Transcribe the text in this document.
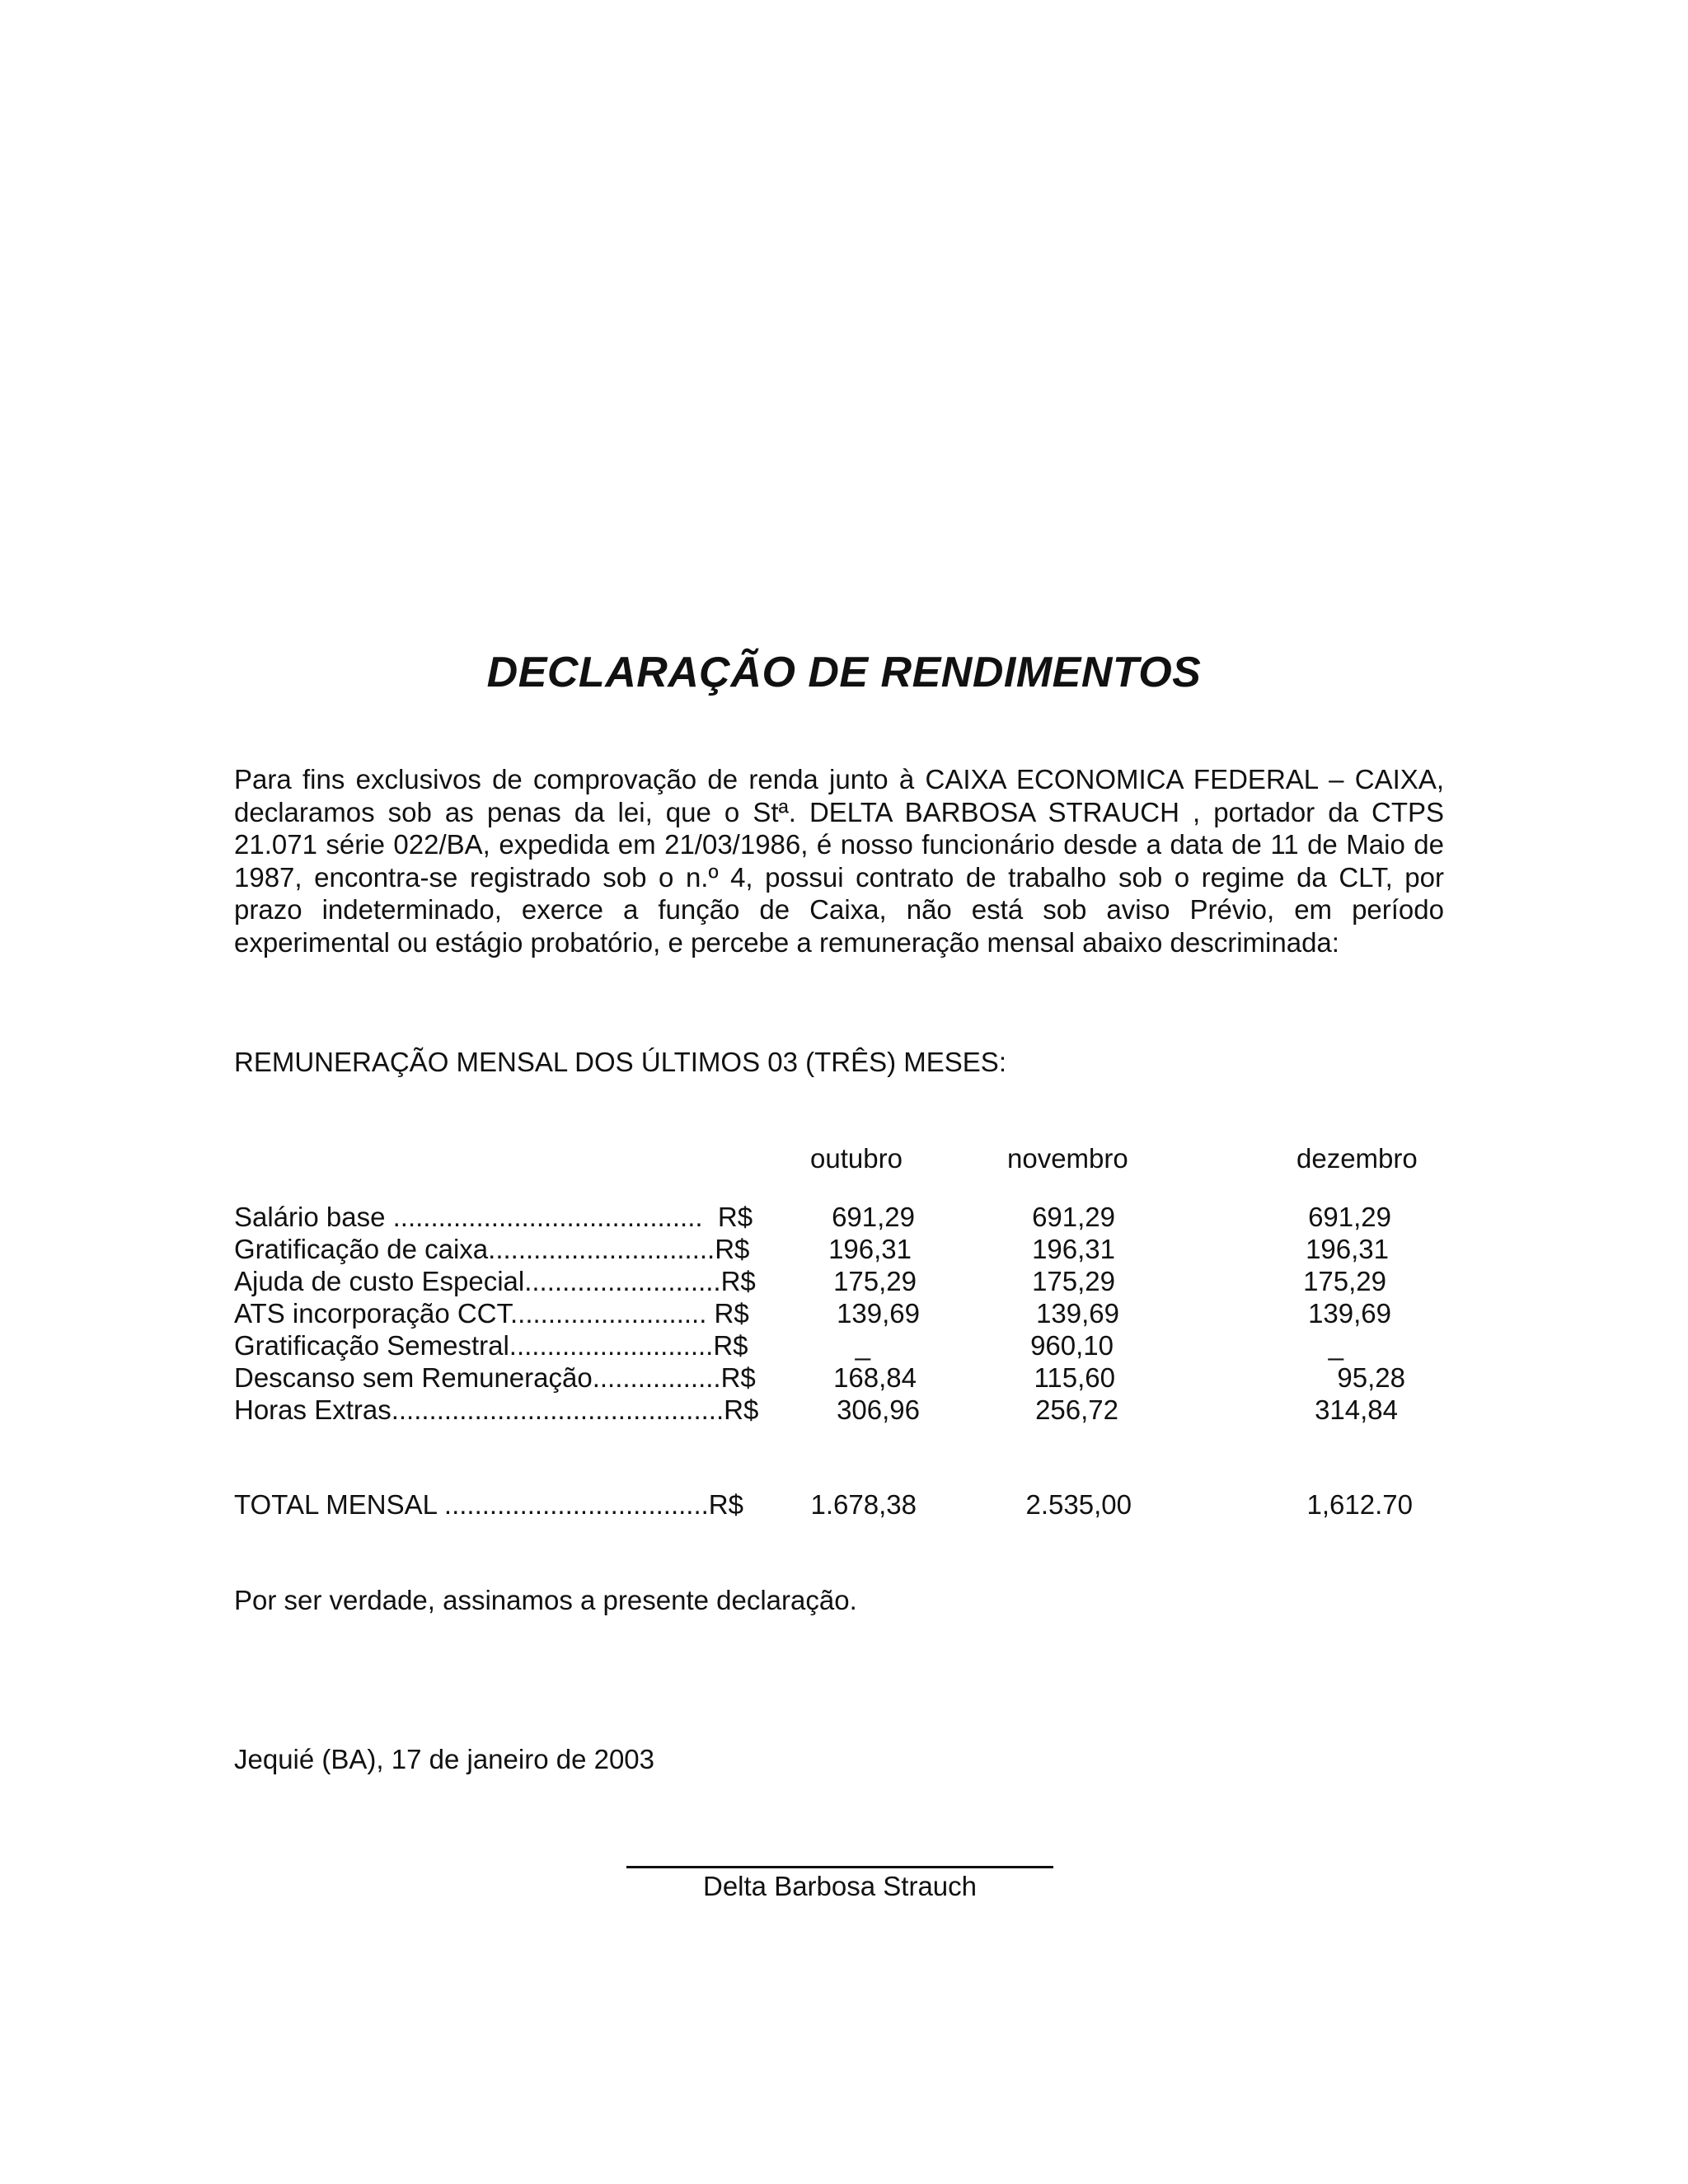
DECLARAÇÃO DE RENDIMENTOS

Para fins exclusivos de comprovação de renda junto à CAIXA ECONOMICA FEDERAL – CAIXA, declaramos sob as penas da lei, que o Stª. DELTA BARBOSA STRAUCH , portador da CTPS 21.071 série 022/BA, expedida em 21/03/1986, é nosso funcionário desde a data de 11 de Maio de 1987, encontra-se registrado sob o n.º 4, possui contrato de trabalho sob o regime da CLT, por prazo indeterminado, exerce a função de Caixa, não está sob aviso Prévio, em período experimental ou estágio probatório, e percebe a remuneração mensal abaixo descriminada:

REMUNERAÇÃO MENSAL DOS ÚLTIMOS 03 (TRÊS) MESES:

outubro	novembro	dezembro
Salário base .........................................  R$	691,29	691,29	691,29
Gratificação de caixa..............................R$	196,31	196,31	196,31
Ajuda de custo Especial..........................R$	175,29	175,29	175,29
ATS incorporação CCT.......................... R$	139,69	139,69	139,69
Gratificação Semestral...........................R$	_	960,10	_
Descanso sem Remuneração.................R$	168,84	115,60	95,28
Horas Extras............................................R$	306,96	256,72	314,84
TOTAL MENSAL ...................................R$	1.678,38	2.535,00	1,612.70

Por ser verdade, assinamos a presente declaração.

Jequié (BA), 17 de janeiro de 2003

Delta Barbosa Strauch
